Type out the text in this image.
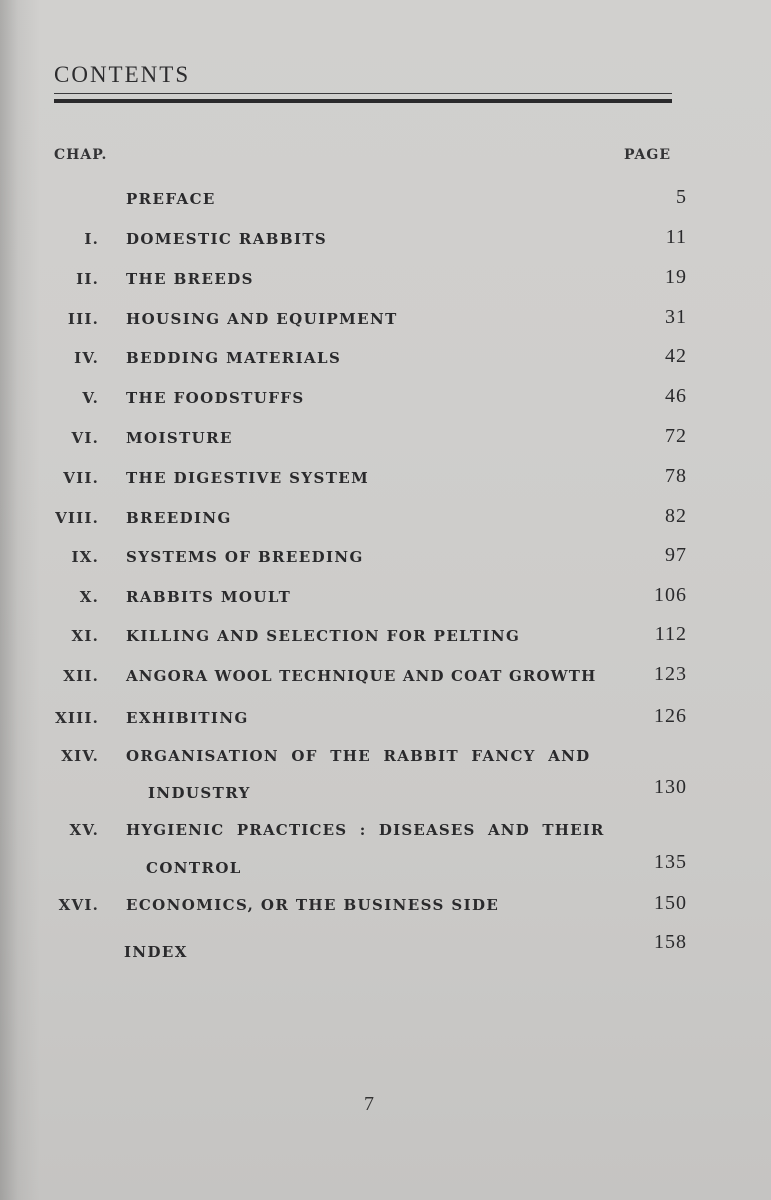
CONTENTS
CHAP.	PAGE
PREFACE	5
I. DOMESTIC RABBITS	11
II. THE BREEDS	19
III. HOUSING AND EQUIPMENT	31
IV. BEDDING MATERIALS	42
V. THE FOODSTUFFS	46
VI. MOISTURE	72
VII. THE DIGESTIVE SYSTEM	78
VIII. BREEDING	82
IX. SYSTEMS OF BREEDING	97
X. RABBITS MOULT	106
XI. KILLING AND SELECTION FOR PELTING	112
XII. ANGORA WOOL TECHNIQUE AND COAT GROWTH	123
XIII. EXHIBITING	126
XIV. ORGANISATION OF THE RABBIT FANCY AND
INDUSTRY	130
XV. HYGIENIC PRACTICES : DISEASES AND THEIR
CONTROL	135
XVI. ECONOMICS, OR THE BUSINESS SIDE	150
INDEX	158
7
